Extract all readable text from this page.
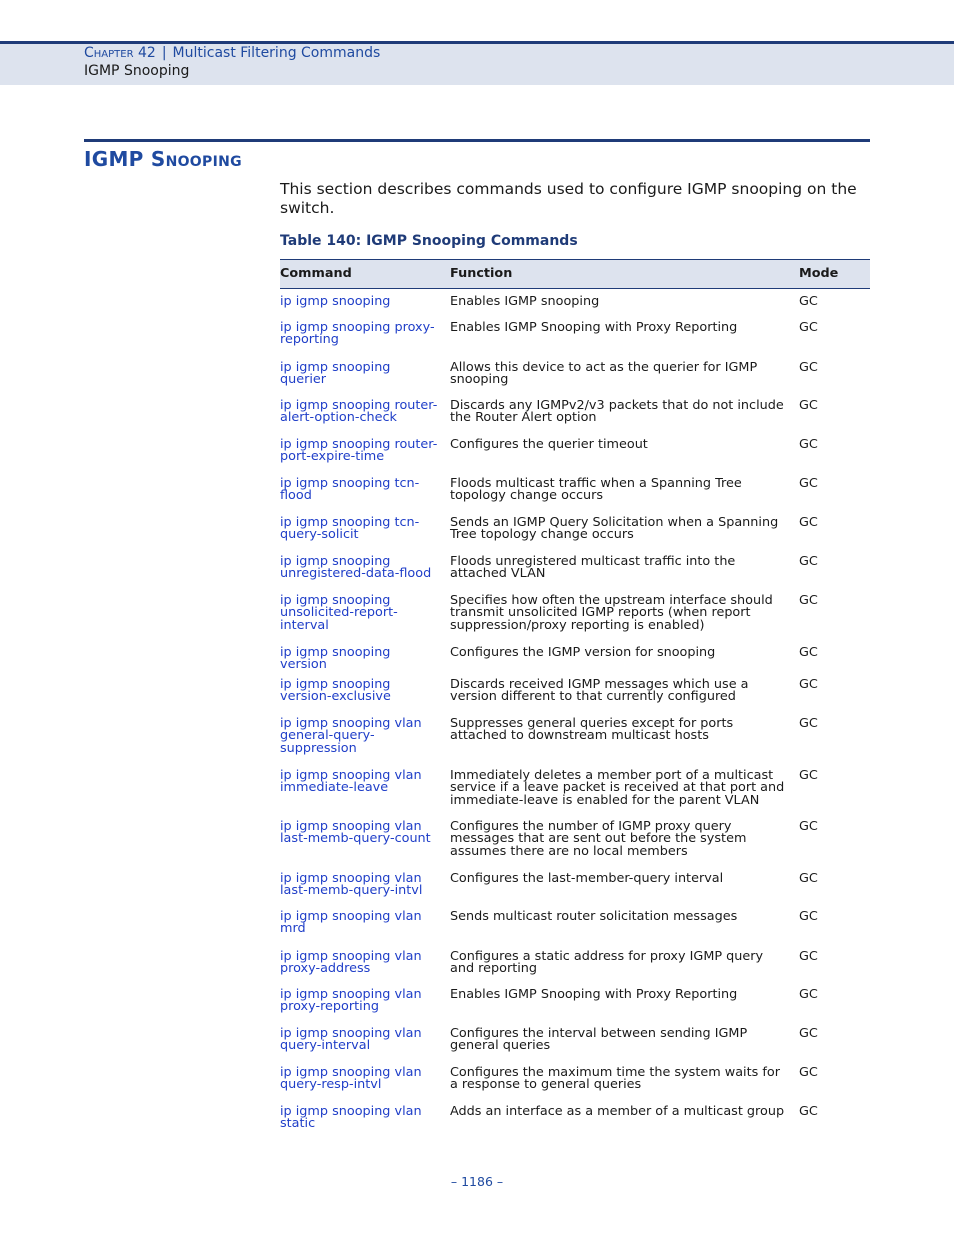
Chapter 42 | Multicast Filtering Commands
IGMP Snooping
IGMP Snooping
This section describes commands used to configure IGMP snooping on the switch.
Table 140: IGMP Snooping Commands
Command	Function	Mode
ip igmp snooping	Enables IGMP snooping	GC
ip igmp snooping proxy-reporting	Enables IGMP Snooping with Proxy Reporting	GC
ip igmp snooping querier	Allows this device to act as the querier for IGMP snooping	GC
ip igmp snooping router-alert-option-check	Discards any IGMPv2/v3 packets that do not include the Router Alert option	GC
ip igmp snooping router-port-expire-time	Configures the querier timeout	GC
ip igmp snooping tcn-flood	Floods multicast traffic when a Spanning Tree topology change occurs	GC
ip igmp snooping tcn-query-solicit	Sends an IGMP Query Solicitation when a Spanning Tree topology change occurs	GC
ip igmp snooping unregistered-data-flood	Floods unregistered multicast traffic into the attached VLAN	GC
ip igmp snooping unsolicited-report-interval	Specifies how often the upstream interface should transmit unsolicited IGMP reports (when report suppression/proxy reporting is enabled)	GC
ip igmp snooping version	Configures the IGMP version for snooping	GC
ip igmp snooping version-exclusive	Discards received IGMP messages which use a version different to that currently configured	GC
ip igmp snooping vlan general-query-suppression	Suppresses general queries except for ports attached to downstream multicast hosts	GC
ip igmp snooping vlan immediate-leave	Immediately deletes a member port of a multicast service if a leave packet is received at that port and immediate-leave is enabled for the parent VLAN	GC
ip igmp snooping vlan last-memb-query-count	Configures the number of IGMP proxy query messages that are sent out before the system assumes there are no local members	GC
ip igmp snooping vlan last-memb-query-intvl	Configures the last-member-query interval	GC
ip igmp snooping vlan mrd	Sends multicast router solicitation messages	GC
ip igmp snooping vlan proxy-address	Configures a static address for proxy IGMP query and reporting	GC
ip igmp snooping vlan proxy-reporting	Enables IGMP Snooping with Proxy Reporting	GC
ip igmp snooping vlan query-interval	Configures the interval between sending IGMP general queries	GC
ip igmp snooping vlan query-resp-intvl	Configures the maximum time the system waits for a response to general queries	GC
ip igmp snooping vlan static	Adds an interface as a member of a multicast group	GC
– 1186 –
